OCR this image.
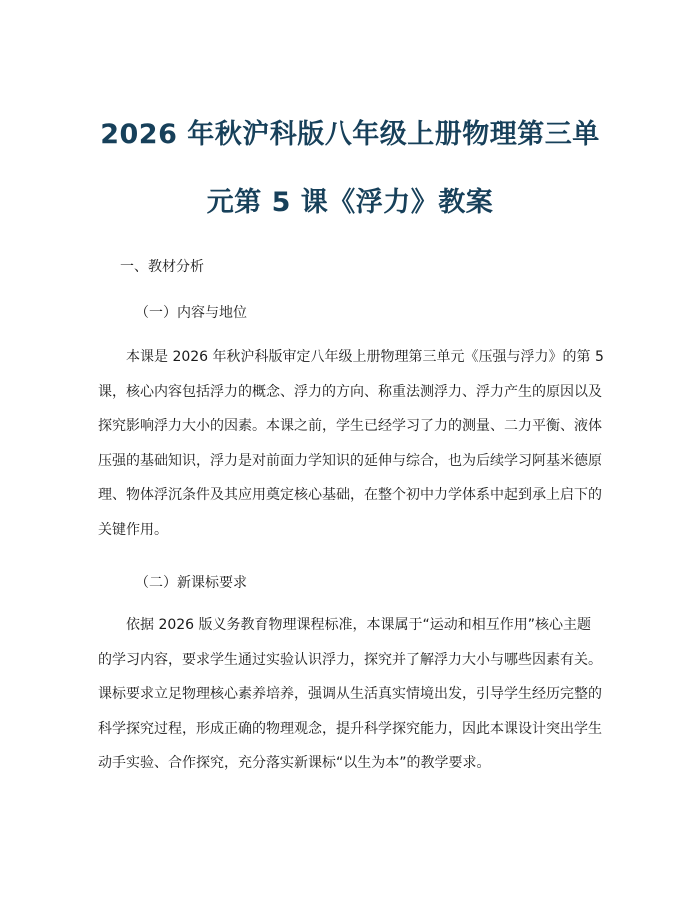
2026 年秋沪科版八年级上册物理第三单
元第 5 课《浮力》教案
一、教材分析
（一）内容与地位
本课是 2026 年秋沪科版审定八年级上册物理第三单元《压强与浮力》的第 5
课，核心内容包括浮力的概念、浮力的方向、称重法测浮力、浮力产生的原因以及
探究影响浮力大小的因素。本课之前，学生已经学习了力的测量、二力平衡、液体
压强的基础知识，浮力是对前面力学知识的延伸与综合，也为后续学习阿基米德原
理、物体浮沉条件及其应用奠定核心基础，在整个初中力学体系中起到承上启下的
关键作用。
（二）新课标要求
依据 2026 版义务教育物理课程标准，本课属于“运动和相互作用”核心主题
的学习内容，要求学生通过实验认识浮力，探究并了解浮力大小与哪些因素有关。
课标要求立足物理核心素养培养，强调从生活真实情境出发，引导学生经历完整的
科学探究过程，形成正确的物理观念，提升科学探究能力，因此本课设计突出学生
动手实验、合作探究，充分落实新课标“以生为本”的教学要求。
